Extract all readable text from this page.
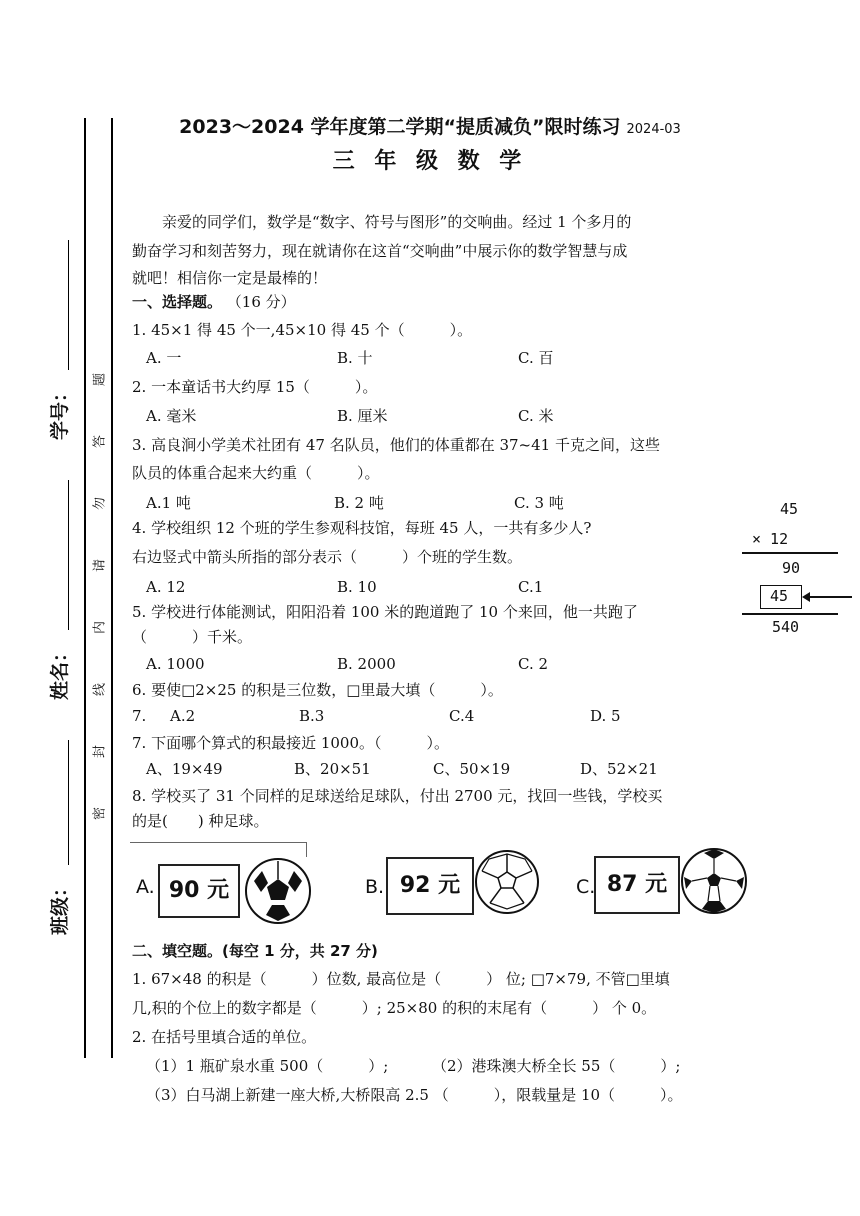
学号：
姓名：
班级：
题
答
勿
请
内
线
封
密
2023～2024 学年度第二学期“提质减负”限时练习 2024-03
三 年 级 数 学
亲爱的同学们，数学是“数字、符号与图形”的交响曲。经过 1 个多月的
勤奋学习和刻苦努力，现在就请你在这首“交响曲”中展示你的数学智慧与成
就吧！相信你一定是最棒的！
一、选择题。 （16 分）
1. 45×1 得 45 个一,45×10 得 45 个（　　　）。
A. 一	B. 十	C. 百
2. 一本童话书大约厚 15（　　　）。
A. 毫米	B. 厘米	C. 米
3. 高良涧小学美术社团有 47 名队员，他们的体重都在 37~41 千克之间，这些
队员的体重合起来大约重（　　　）。
A.1 吨	B. 2 吨	C. 3 吨
4. 学校组织 12 个班的学生参观科技馆，每班 45 人，一共有多少人?
右边竖式中箭头所指的部分表示（　　　）个班的学生数。
A. 12	B. 10	C.1
5. 学校进行体能测试，阳阳沿着 100 米的跑道跑了 10 个来回，他一共跑了
（　　　）千米。
A. 1000	B. 2000	C. 2
6. 要使□2×25 的积是三位数，□里最大填（　　　）。
7. A.2	B.3	C.4	D. 5
7. 下面哪个算式的积最接近 1000。（　　　）。
A、19×49	B、20×51	C、50×19	D、52×21
8. 学校买了 31 个同样的足球送给足球队，付出 2700 元，找回一些钱，学校买
的是(　　) 种足球。
A. 90 元	B. 92 元	C. 87 元
45
× 12
90
45
540
二、填空题。(每空 1 分，共 27 分)
1. 67×48 的积是（　　　）位数, 最高位是（　　　） 位; □7×79, 不管□里填
几,积的个位上的数字都是（　　　）; 25×80 的积的末尾有（　　　） 个 0。
2. 在括号里填合适的单位。
（1）1 瓶矿泉水重 500（　　　）;	（2）港珠澳大桥全长 55（　　　）;
（3）白马湖上新建一座大桥,大桥限高 2.5 （　　　），限载量是 10（　　　）。
